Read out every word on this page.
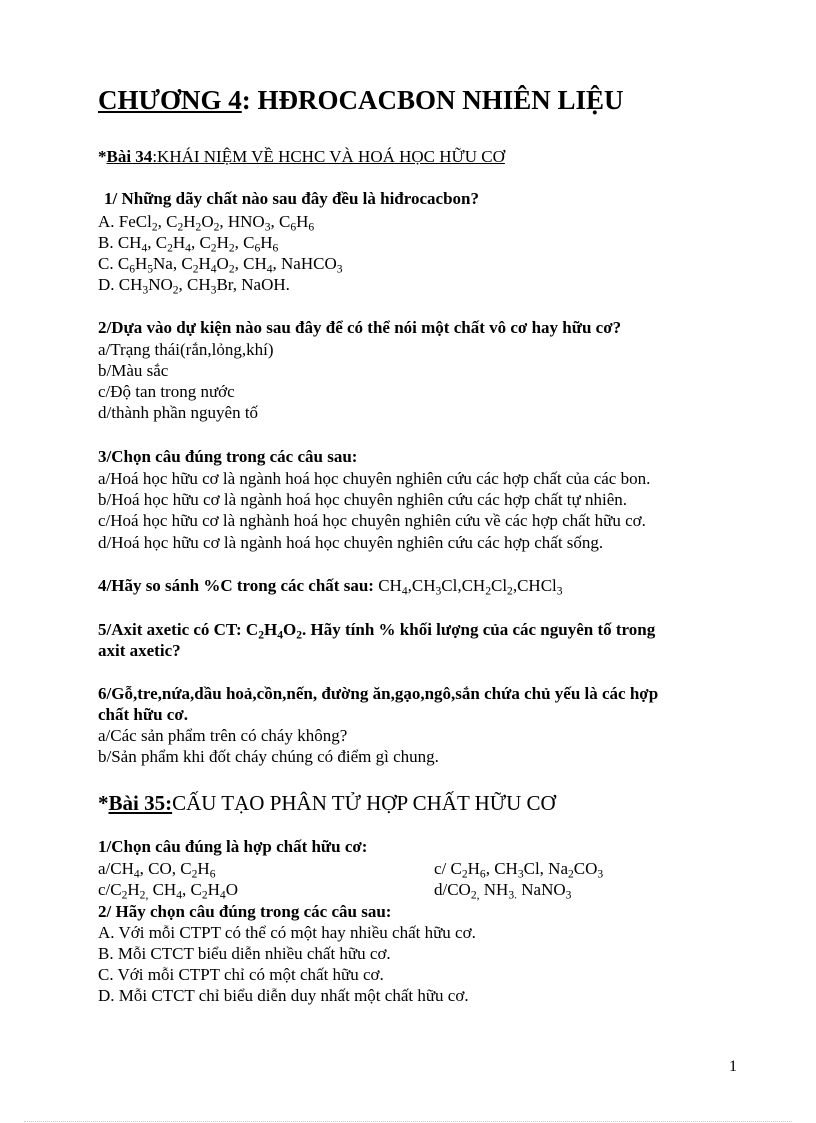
CHƯƠNG 4: HĐROCACBON NHIÊN LIỆU
*Bài 34:KHÁI NIỆM VỀ HCHC VÀ HOÁ HỌC HỮU CƠ
1/ Những dãy chất nào sau đây đều là hiđrocacbon?
A. FeCl$_2$, $C_2H_2O_2$, $HNO_3$, $C_6H_6$
B. $CH_4$, $C_2H_4$, $C_2H_2$, $C_6H_6$
C. $C_6H_5Na$, $C_2H_4O_2$, $CH_4$, NaHCO$_3$
D. $CH_3NO_2$, $CH_3Br$, NaOH.
2/Dựa vào dự kiện nào sau đây để có thể nói một chất vô cơ hay hữu cơ?
a/Trạng thái(rắn,lỏng,khí)
b/Màu sắc
c/Độ tan trong nước
d/thành phần nguyên tố
3/Chọn câu đúng trong các câu sau:
a/Hoá học hữu cơ là ngành hoá học chuyên nghiên cứu các hợp chất của các bon.
b/Hoá học hữu cơ là ngành hoá học chuyên nghiên cứu các hợp chất tự nhiên.
c/Hoá học hữu cơ là nghành hoá học chuyên nghiên cứu về các hợp chất hữu cơ.
d/Hoá học hữu cơ là ngành hoá học chuyên nghiên cứu các hợp chất sống.
4/Hãy so sánh %C trong các chất sau: $CH_4,CH_3Cl,CH_2Cl_2,CHCl_3$
5/Axit axetic có CT: $C_2H_4O_2$. Hãy tính % khối lượng của các nguyên tố trong
axit axetic?
6/Gỗ,tre,nứa,dầu hoả,cồn,nến, đường ăn,gạo,ngô,sắn chứa chủ yếu là các hợp
chất hữu cơ.
a/Các sản phẩm trên có cháy không?
b/Sản phẩm khi đốt cháy chúng có điểm gì chung.
*Bài 35:CẤU TẠO PHÂN TỬ HỢP CHẤT HỮU CƠ
1/Chọn câu đúng là hợp chất hữu cơ:
$a/CH_4$, CO, $C_2H_6$	c/ $C_2H_6$, $CH_3Cl$, $Na_2CO_3$
$c/C_2H_{2,}$ $CH_4$, $C_2H_4O$	$d/CO_{2,}$ $NH_{3.}$ NaNO$_3$
2/ Hãy chọn câu đúng trong các câu sau:
A. Với mỗi CTPT có thể có một hay nhiều chất hữu cơ.
B. Mỗi CTCT biểu diễn nhiều chất hữu cơ.
C. Với mỗi CTPT chỉ có một chất hữu cơ.
D. Mỗi CTCT chỉ biểu diễn duy nhất một chất hữu cơ.
1
